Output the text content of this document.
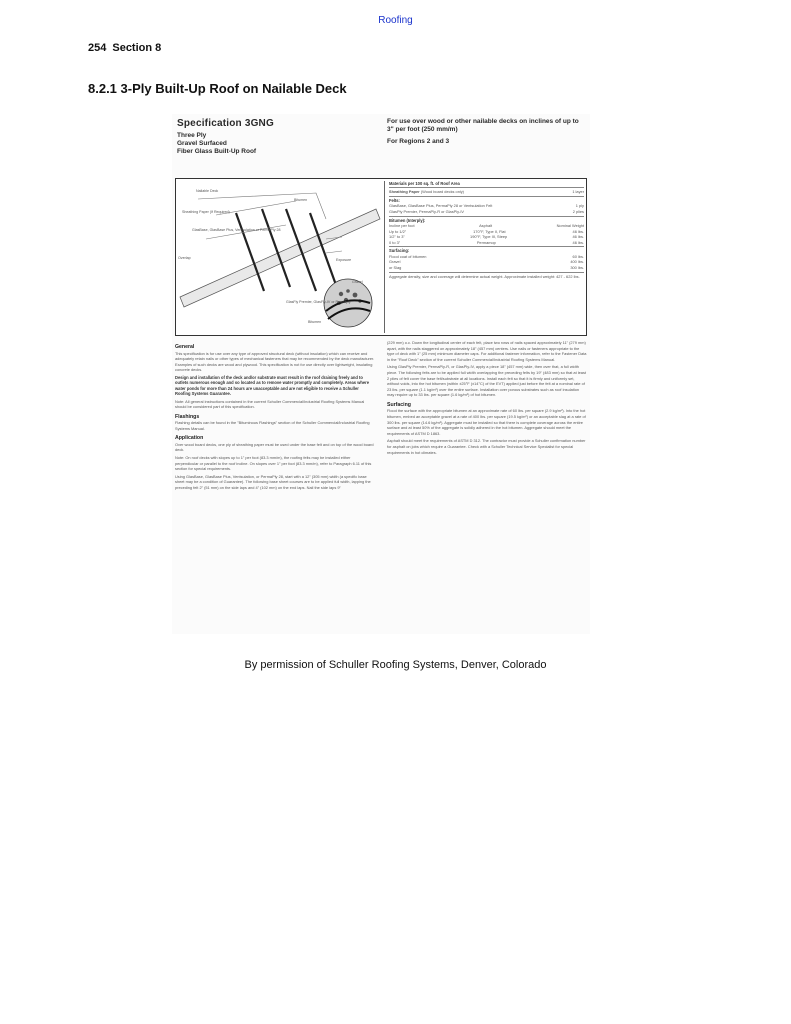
Roofing
254 Section 8
8.2.1 3-Ply Built-Up Roof on Nailable Deck
Specification 3GNG
Three Ply
Gravel Surfaced
Fiber Glass Built-Up Roof
For use over wood or other nailable decks on inclines of up to 3" per foot (250 mm/m)
For Regions 2 and 3
Nailable Deck
Sheathing Paper (If Required)
GlasBase, GlasBase Plus, Ventsulation or PermaPly 28
Bitumen
Exposure
Overlap
GlasFly Premier, GlasFly-IV or Permaply
Bitumen
Gravel
Materials per 100 sq. ft. of Roof Area
Sheathing Paper (Wood board decks only)	1 layer
Felts:
GlasBase, GlasBase Plus, PermaPly 28 or Ventsulation Felt	1 ply
GlasPly Premier, PermaPly-R or GlasPly-IV	2 plies
Bitumen (Interply):
Incline per foot	Asphalt	Nominal Weight
Up to 1/2"	170°F, Type II, Flat	46 lbs.
1/2" to 3"	190°F, Type III, Steep	46 lbs.
0 to 3"	Permamop	46 lbs.
Surfacing:
Flood coat of bitumen	60 lbs.
Gravel	400 lbs.
or Slag	300 lbs.
Aggregate density, size and coverage will determine actual weight. Approximate installed weight: 427 - 622 lbs.
General
This specification is for use over any type of approved structural deck (without insulation) which can receive and adequately retain nails or other types of mechanical fasteners that may be recommended by the deck manufacturer. Examples of such decks are wood and plywood. This specification is not for use directly over lightweight, insulating concrete decks.
Design and installation of the deck and/or substrate must result in the roof draining freely and to outlets numerous enough and so located as to remove water promptly and completely. Areas where water ponds for more than 24 hours are unacceptable and are not eligible to receive a Schuller Roofing Systems Guarantee.
Note: All general instructions contained in the current Schuller Commercial/Industrial Roofing Systems Manual should be considered part of this specification.
Flashings
Flashing details can be found in the "Bituminous Flashings" section of the Schuller Commercial/Industrial Roofing Systems Manual.
Application
Over wood board decks, one ply of sheathing paper must be used under the base felt and on top of the wood board deck.
Note: On roof decks with slopes up to 1" per foot (83.3 mm/m), the roofing felts may be installed either perpendicular or parallel to the roof incline. On slopes over 1" per foot (83.3 mm/m), refer to Paragraph 6.11 of this section for special requirements.
Using GlasBase, GlasBase Plus, Ventsulation, or PermaPly 28, start with a 12" (305 mm) width (a specific base sheet may be a condition of Guarantee). The following base sheet courses are to be applied full width, lapping the preceding felt 2" (51 mm) on the side laps and 4" (102 mm) on the end laps. Nail the side laps 9"
(229 mm) o.c. Down the longitudinal center of each felt, place two rows of nails spaced approximately 11" (279 mm) apart, with the nails staggered on approximately 18" (457 mm) centers. Use nails or fasteners appropriate to the type of deck with 1" (25 mm) minimum diameter caps. For additional fastener information, refer to the Fastener Data in the "Roof Deck" section of the current Schuller Commercial/Industrial Roofing Systems Manual.
Using GlasPly Premier, PermaPly-R, or GlasPly-IV, apply a piece 18" (457 mm) wide, then over that, a full width piece. The following felts are to be applied full width overlapping the preceding felts by 19" (483 mm) so that at least 2 plies of felt cover the base felt/substrate at all locations. Install each felt so that it is firmly and uniformly set, without voids, into the hot bitumen (within ±25°F (±14°C) of the EVT) applied just before the felt at a nominal rate of 23 lbs. per square (1.1 kg/m²) over the entire surface. Installation over porous substrates such as roof insulation may require up to 33 lbs. per square (1.6 kg/m²) of hot bitumen.
Surfacing
Flood the surface with the appropriate bitumen at an approximate rate of 60 lbs. per square (2.9 kg/m²). Into the hot bitumen, embed an acceptable gravel at a rate of 400 lbs. per square (19.5 kg/m²) or an acceptable slag at a rate of 300 lbs. per square (14.6 kg/m²). Aggregate must be installed so that there is complete coverage across the entire surface and at least 50% of the aggregate is solidly adhered in the hot bitumen. Aggregate should meet the requirements of ASTM D 1863.
Asphalt should meet the requirements of ASTM D 312. The contractor must provide a Schuller confirmation number for asphalt on jobs which require a Guarantee. Check with a Schuller Technical Service Specialist for special requirements in hot climates.
By permission of Schuller Roofing Systems, Denver, Colorado
